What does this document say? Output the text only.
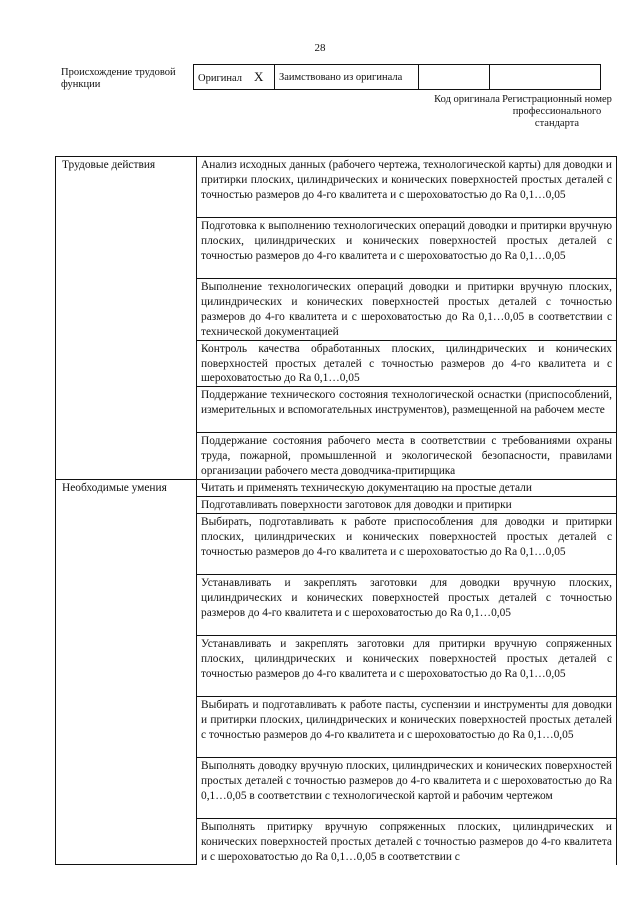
28
Происхождение трудовой функции
Оригинал X	Заимствовано из оригинала		
Код оригинала Регистрационный номер профессионального стандарта
Трудовые действия	Анализ исходных данных (рабочего чертежа, технологической карты) для доводки и притирки плоских, цилиндрических и конических поверхностей простых деталей с точностью размеров до 4-го квалитета и с шероховатостью до Ra 0,1…0,05
	Подготовка к выполнению технологических операций доводки и притирки вручную плоских, цилиндрических и конических поверхностей простых деталей с точностью размеров до 4-го квалитета и с шероховатостью до Ra 0,1…0,05
	Выполнение технологических операций доводки и притирки вручную плоских, цилиндрических и конических поверхностей простых деталей с точностью размеров до 4-го квалитета и с шероховатостью до Ra 0,1…0,05 в соответствии с технической документацией
	Контроль качества обработанных плоских, цилиндрических и конических поверхностей простых деталей с точностью размеров до 4-го квалитета и с шероховатостью до Ra 0,1…0,05
	Поддержание технического состояния технологической оснастки (приспособлений, измерительных и вспомогательных инструментов), размещенной на рабочем месте
	Поддержание состояния рабочего места в соответствии с требованиями охраны труда, пожарной, промышленной и экологической безопасности, правилами организации рабочего места доводчика-притирщика

Необходимые умения	Читать и применять техническую документацию на простые детали
	Подготавливать поверхности заготовок для доводки и притирки
	Выбирать, подготавливать к работе приспособления для доводки и притирки плоских, цилиндрических и конических поверхностей простых деталей с точностью размеров до 4-го квалитета и с шероховатостью до Ra 0,1…0,05
	Устанавливать и закреплять заготовки для доводки вручную плоских, цилиндрических и конических поверхностей простых деталей с точностью размеров до 4-го квалитета и с шероховатостью до Ra 0,1…0,05
	Устанавливать и закреплять заготовки для притирки вручную сопряженных плоских, цилиндрических и конических поверхностей простых деталей с точностью размеров до 4-го квалитета и с шероховатостью до Ra 0,1…0,05
	Выбирать и подготавливать к работе пасты, суспензии и инструменты для доводки и притирки плоских, цилиндрических и конических поверхностей простых деталей с точностью размеров до 4-го квалитета и с шероховатостью до Ra 0,1…0,05
	Выполнять доводку вручную плоских, цилиндрических и конических поверхностей простых деталей с точностью размеров до 4-го квалитета и с шероховатостью до Ra 0,1…0,05 в соответствии с технологической картой и рабочим чертежом
	Выполнять притирку вручную сопряженных плоских, цилиндрических и конических поверхностей простых деталей с точностью размеров до 4-го квалитета и с шероховатостью до Ra 0,1…0,05 в соответствии с
